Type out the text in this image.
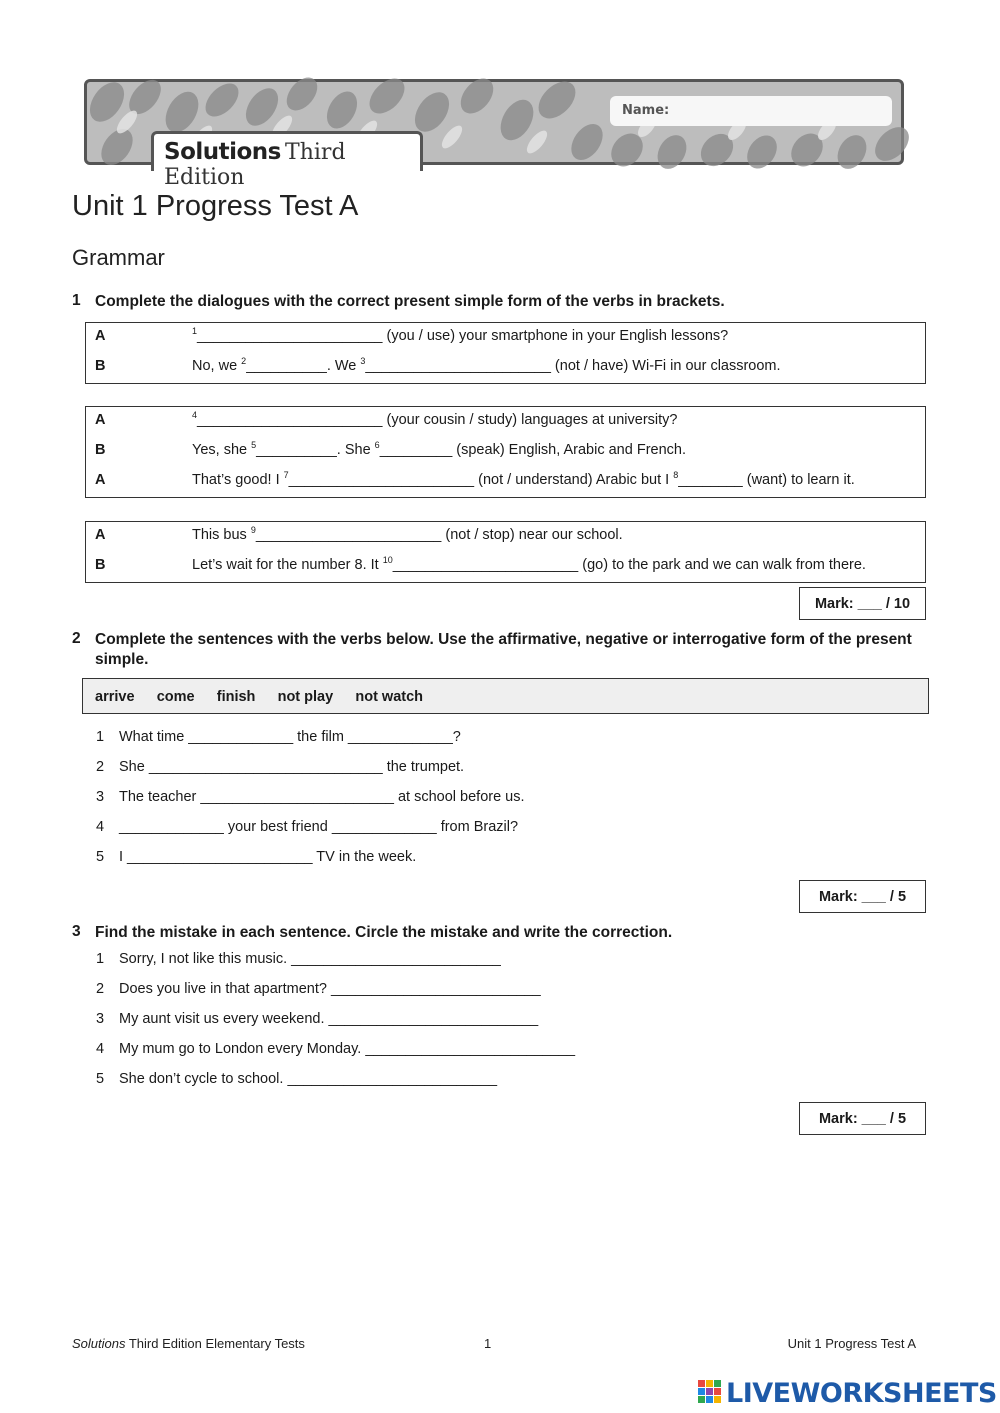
Name:
Solutions Third Edition
Unit 1 Progress Test A
Grammar
1 Complete the dialogues with the correct present simple form of the verbs in brackets.
A	$^1$_______________________ (you / use) your smartphone in your English lessons?
B	No, we $^2$__________. We $^3$_______________________ (not / have) Wi-Fi in our classroom.
A	$^4$_______________________ (your cousin / study) languages at university?
B	Yes, she $^5$__________. She $^6$_________ (speak) English, Arabic and French.
A	That’s good! I $^7$_______________________ (not / understand) Arabic but I $^8$________ (want) to learn it.
A	This bus $^9$_______________________ (not / stop) near our school.
B	Let’s wait for the number 8. It $^{10}$_______________________ (go) to the park and we can walk from there.
Mark: ___ / 10
2 Complete the sentences with the verbs below. Use the affirmative, negative or interrogative form of the present simple.
arrive come finish not play not watch
1 What time _____________ the film _____________?
2 She _____________________________ the trumpet.
3 The teacher ________________________ at school before us.
4 _____________ your best friend _____________ from Brazil?
5 I _______________________ TV in the week.
Mark: ___ / 5
3 Find the mistake in each sentence. Circle the mistake and write the correction.
1 Sorry, I not like this music. __________________________
2 Does you live in that apartment? __________________________
3 My aunt visit us every weekend. __________________________
4 My mum go to London every Monday. __________________________
5 She don’t cycle to school. __________________________
Mark: ___ / 5
Solutions Third Edition Elementary Tests	1	Unit 1 Progress Test A
LIVEWORKSHEETS
